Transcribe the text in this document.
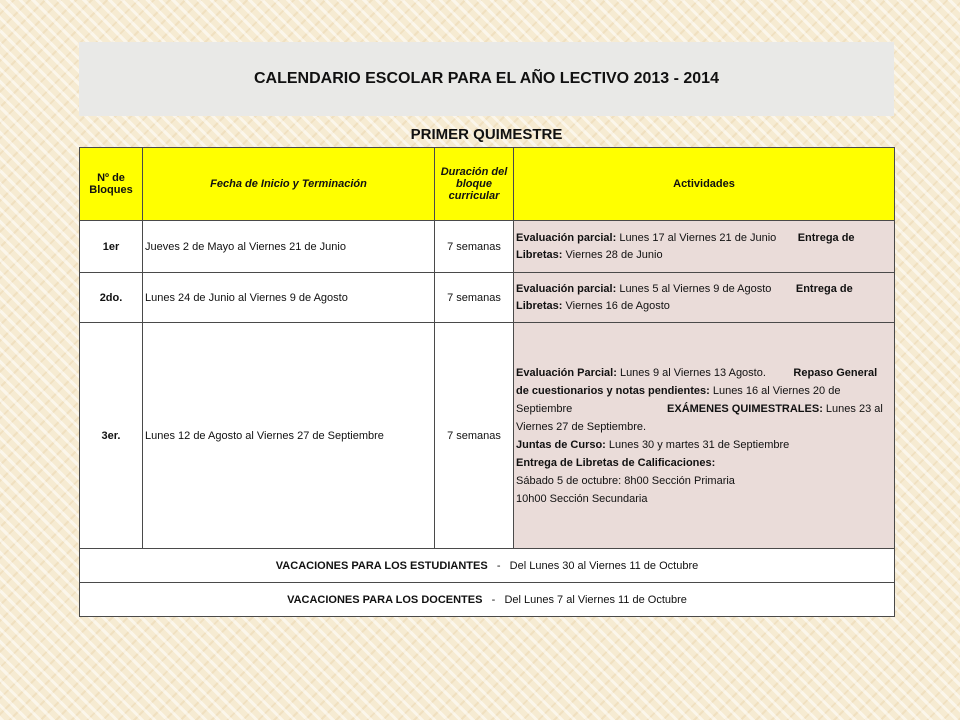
CALENDARIO ESCOLAR PARA EL AÑO LECTIVO 2013 - 2014
PRIMER QUIMESTRE
Nº de Bloques	Fecha de Inicio y Terminación	Duración del bloque curricular	Actividades
1er	Jueves 2 de Mayo al Viernes 21 de Junio	7 semanas	Evaluación parcial: Lunes 17 al Viernes 21 de Junio Entrega de Libretas: Viernes 28 de Junio
2do.	Lunes 24 de Junio al Viernes 9 de Agosto	7 semanas	Evaluación parcial: Lunes 5 al Viernes 9 de Agosto Entrega de Libretas: Viernes 16 de Agosto
3er.	Lunes 12 de Agosto al Viernes 27 de Septiembre	7 semanas	Evaluación Parcial: Lunes 9 al Viernes 13 Agosto. Repaso General de cuestionarios y notas pendientes: Lunes 16 al Viernes 20 de Septiembre EXÁMENES QUIMESTRALES: Lunes 23 al Viernes 27 de Septiembre.
Juntas de Curso: Lunes 30 y martes 31 de Septiembre
Entrega de Libretas de Calificaciones:
Sábado 5 de octubre: 8h00 Sección Primaria
10h00 Sección Secundaria
VACACIONES PARA LOS ESTUDIANTES - Del Lunes 30 al Viernes 11 de Octubre			
VACACIONES PARA LOS DOCENTES - Del Lunes 7 al Viernes 11 de Octubre			
